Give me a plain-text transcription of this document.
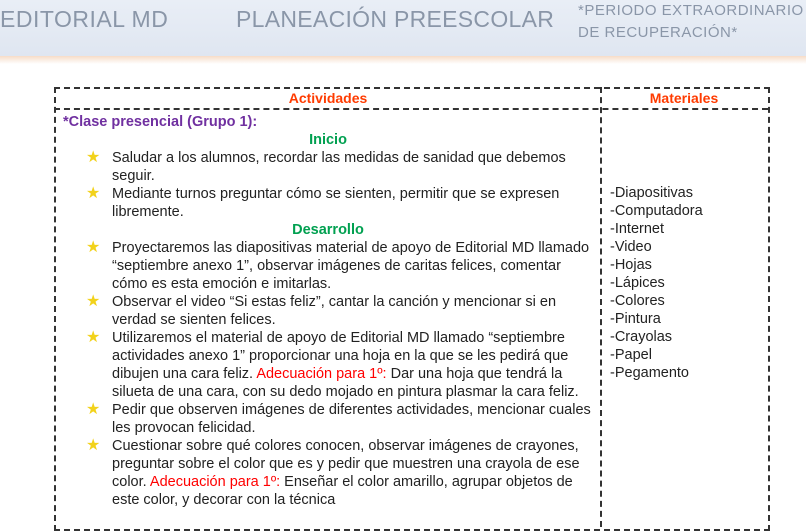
EDITORIAL MD	PLANEACIÓN PREESCOLAR *PERIODO EXTRAORDINARIO
DE RECUPERACIÓN*
Actividades	Materiales
*Clase presencial (Grupo 1):
Inicio
★ Saludar a los alumnos, recordar las medidas de sanidad que debemos seguir.
★ Mediante turnos preguntar cómo se sienten, permitir que se expresen libremente.
Desarrollo
★ Proyectaremos las diapositivas material de apoyo de Editorial MD llamado “septiembre anexo 1”, observar imágenes de caritas felices, comentar cómo es esta emoción e imitarlas.
★ Observar el video “Si estas feliz”, cantar la canción y mencionar si en verdad se sienten felices.
★ Utilizaremos el material de apoyo de Editorial MD llamado “septiembre actividades anexo 1” proporcionar una hoja en la que se les pedirá que dibujen una cara feliz. Adecuación para 1º: Dar una hoja que tendrá la silueta de una cara, con su dedo mojado en pintura plasmar la cara feliz.
★ Pedir que observen imágenes de diferentes actividades, mencionar cuales les provocan felicidad.
★ Cuestionar sobre qué colores conocen, observar imágenes de crayones, preguntar sobre el color que es y pedir que muestren una crayola de ese color. Adecuación para 1º: Enseñar el color amarillo, agrupar objetos de este color, y decorar con la técnica
-Diapositivas
-Computadora
-Internet
-Video
-Hojas
-Lápices
-Colores
-Pintura
-Crayolas
-Papel
-Pegamento
